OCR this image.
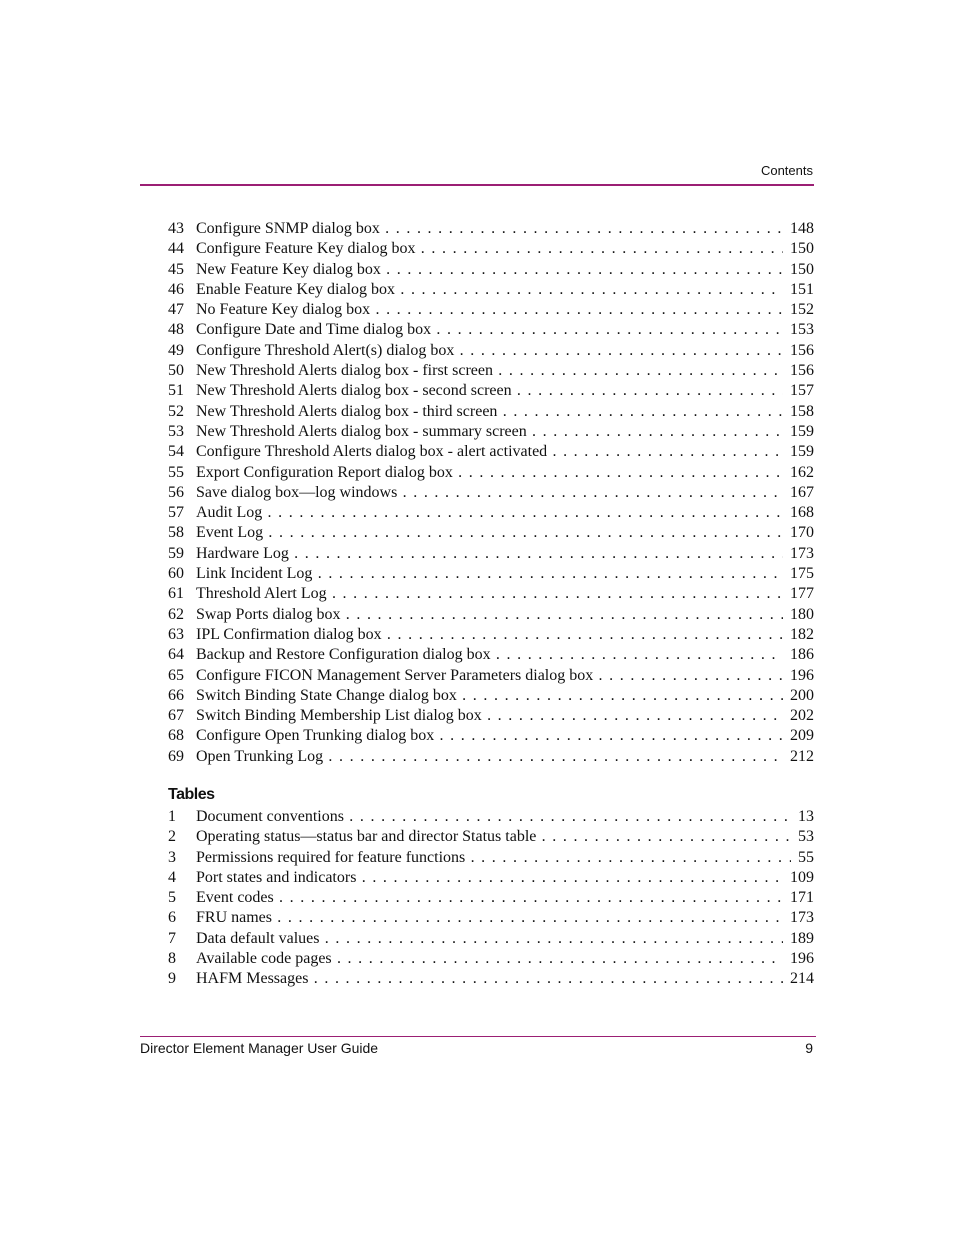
Contents
43 Configure SNMP dialog box . . .	148
44 Configure Feature Key dialog box . . .	150
45 New Feature Key dialog box . . .	150
46 Enable Feature Key dialog box . . .	151
47 No Feature Key dialog box . . .	152
48 Configure Date and Time dialog box . . .	153
49 Configure Threshold Alert(s) dialog box . . .	156
50 New Threshold Alerts dialog box - first screen . . .	156
51 New Threshold Alerts dialog box - second screen . . .	157
52 New Threshold Alerts dialog box - third screen . . .	158
53 New Threshold Alerts dialog box - summary screen . . .	159
54 Configure Threshold Alerts dialog box - alert activated . . .	159
55 Export Configuration Report dialog box . . .	162
56 Save dialog box—log windows . . .	167
57 Audit Log . . .	168
58 Event Log . . .	170
59 Hardware Log . . .	173
60 Link Incident Log . . .	175
61 Threshold Alert Log . . .	177
62 Swap Ports dialog box . . .	180
63 IPL Confirmation dialog box . . .	182
64 Backup and Restore Configuration dialog box . . .	186
65 Configure FICON Management Server Parameters dialog box . . .	196
66 Switch Binding State Change dialog box . . .	200
67 Switch Binding Membership List dialog box . . .	202
68 Configure Open Trunking dialog box . . .	209
69 Open Trunking Log . . .	212
Tables
1	Document conventions . . .	13
2	Operating status—status bar and director Status table . . .	53
3	Permissions required for feature functions . . .	55
4	Port states and indicators . . .	109
5	Event codes . . .	171
6	FRU names . . .	173
7	Data default values . . .	189
8	Available code pages . . .	196
9	HAFM Messages . . .	214
Director Element Manager User Guide	9
